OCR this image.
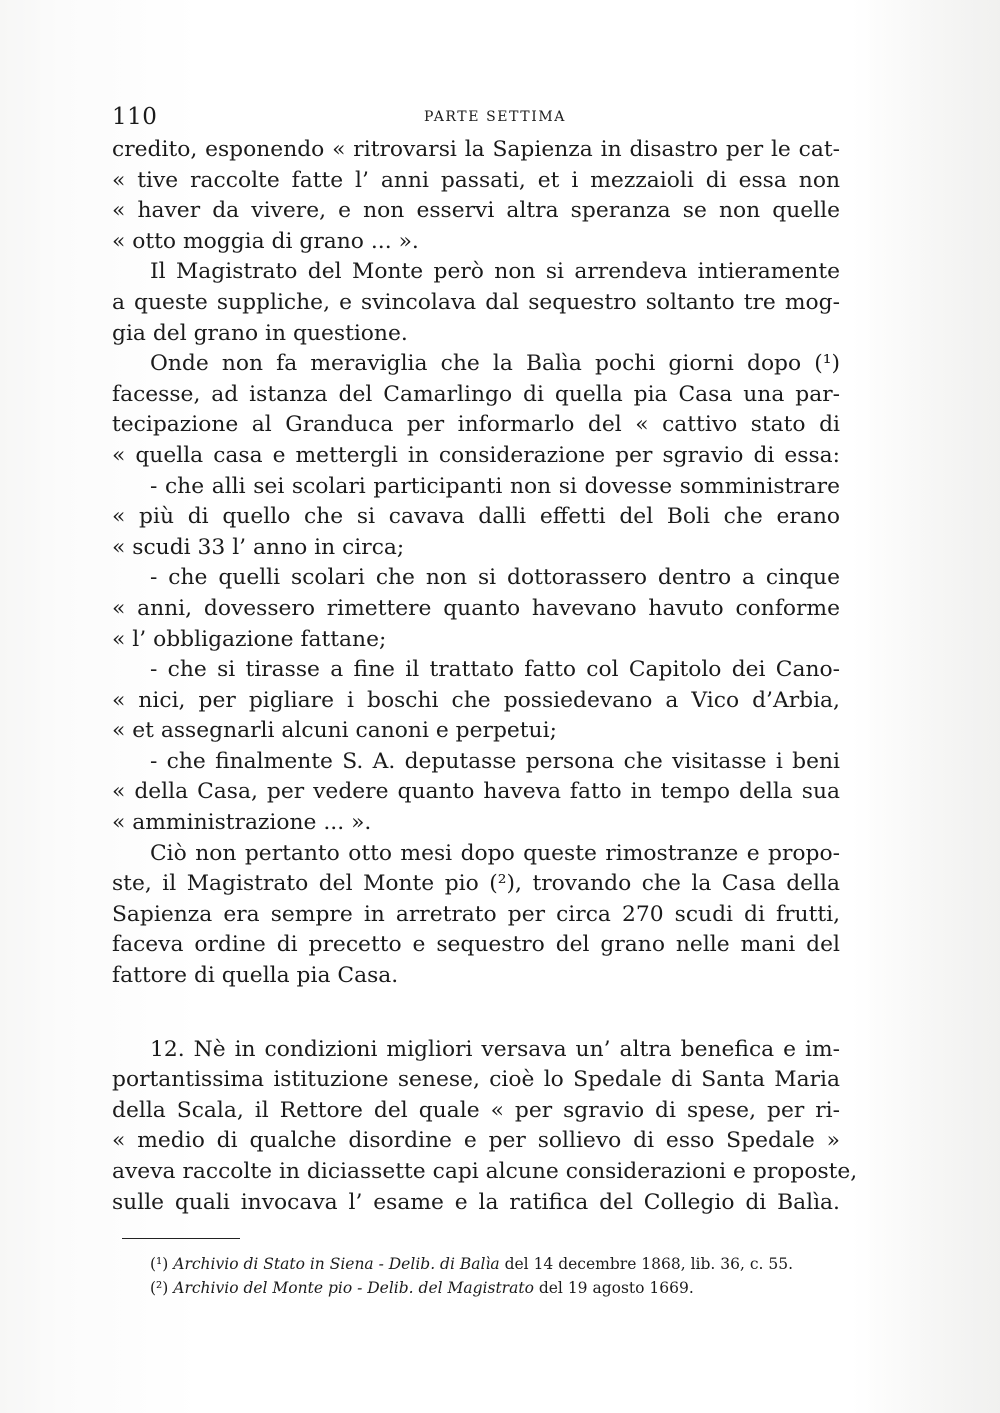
110	PARTE SETTIMA
credito, esponendo « ritrovarsi la Sapienza in disastro per le cat-
« tive raccolte fatte l’ anni passati, et i mezzaioli di essa non
« haver da vivere, e non esservi altra speranza se non quelle
« otto moggia di grano ... ».
Il Magistrato del Monte però non si arrendeva intieramente
a queste suppliche, e svincolava dal sequestro soltanto tre mog-
gia del grano in questione.
Onde non fa meraviglia che la Balìa pochi giorni dopo (¹)
facesse, ad istanza del Camarlingo di quella pia Casa una par-
tecipazione al Granduca per informarlo del « cattivo stato di
« quella casa e mettergli in considerazione per sgravio di essa:
- che alli sei scolari participanti non si dovesse somministrare
« più di quello che si cavava dalli effetti del Boli che erano
« scudi 33 l’ anno in circa;
- che quelli scolari che non si dottorassero dentro a cinque
« anni, dovessero rimettere quanto havevano havuto conforme
« l’ obbligazione fattane;
- che si tirasse a fine il trattato fatto col Capitolo dei Cano-
« nici, per pigliare i boschi che possiedevano a Vico d’Arbia,
« et assegnarli alcuni canoni e perpetui;
- che finalmente S. A. deputasse persona che visitasse i beni
« della Casa, per vedere quanto haveva fatto in tempo della sua
« amministrazione ... ».
Ciò non pertanto otto mesi dopo queste rimostranze e propo-
ste, il Magistrato del Monte pio (²), trovando che la Casa della
Sapienza era sempre in arretrato per circa 270 scudi di frutti,
faceva ordine di precetto e sequestro del grano nelle mani del
fattore di quella pia Casa.
12. Nè in condizioni migliori versava un’ altra benefica e im-
portantissima istituzione senese, cioè lo Spedale di Santa Maria
della Scala, il Rettore del quale « per sgravio di spese, per ri-
« medio di qualche disordine e per sollievo di esso Spedale »
aveva raccolte in diciassette capi alcune considerazioni e proposte,
sulle quali invocava l’ esame e la ratifica del Collegio di Balìa.
(¹) Archivio di Stato in Siena - Delib. di Balìa del 14 decembre 1868, lib. 36, c. 55.
(²) Archivio del Monte pio - Delib. del Magistrato del 19 agosto 1669.
